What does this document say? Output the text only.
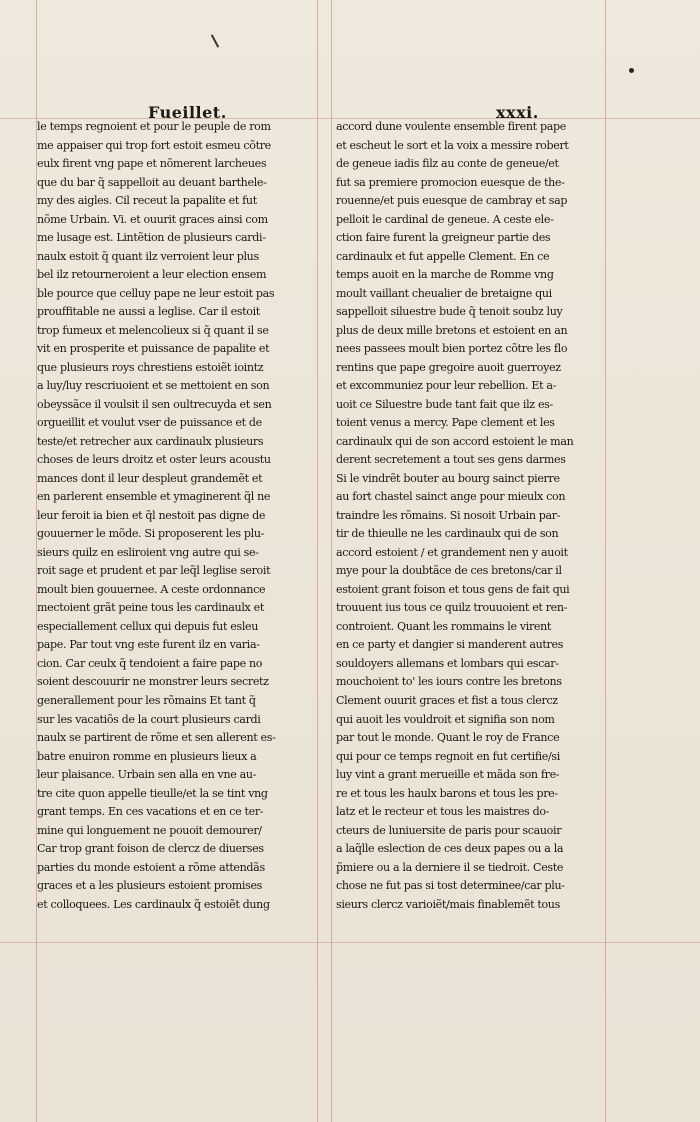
Fueillet.	xxxi.
le temps regnoient et pour le peuple de rom
me appaiser qui trop fort estoit esmeu cõtre
eulx firent vng pape et nõmerent larcheues
que du bar q̃ sappelloit au deuant barthele-
my des aigles. Cil receut la papalite et fut
nõme Urbain. Vi. et ouurit graces ainsi com
me lusage est. Lintẽtion de plusieurs cardi-
naulx estoit q̃ quant ilz verroient leur plus
bel ilz retourneroient a leur election ensem
ble pource que celluy pape ne leur estoit pas
prouffitable ne aussi a leglise. Car il estoit
trop fumeux et melencolieux si q̃ quant il se
vit en prosperite et puissance de papalite et
que plusieurs roys chrestiens estoiẽt iointz
a luy/luy rescriuoient et se mettoient en son
obeyssãce il voulsit il sen oultrecuyda et sen
orgueillit et voulut vser de puissance et de
teste/et retrecher aux cardinaulx plusieurs
choses de leurs droitz et oster leurs acoustu
mances dont il leur despleut grandemẽt et
en parlerent ensemble et ymaginerent q̃l ne
leur feroit ia bien et q̃l nestoit pas digne de
gouuerner le mõde. Si proposerent les plu-
sieurs quilz en esliroient vng autre qui se-
roit sage et prudent et par leq̃l leglise seroit
moult bien gouuernee. A ceste ordonnance
mectoient grãt peine tous les cardinaulx et
especiallement cellux qui depuis fut esleu
pape. Par tout vng este furent ilz en varia-
cion. Car ceulx q̃ tendoient a faire pape no
soient descouurir ne monstrer leurs secretz
generallement pour les rõmains Et tant q̃
sur les vacatiõs de la court plusieurs cardi
naulx se partirent de rõme et sen allerent es-
batre enuiron romme en plusieurs lieux a
leur plaisance. Urbain sen alla en vne au-
tre cite quon appelle tieulle/et la se tint vng
grant temps. En ces vacations et en ce ter-
mine qui longuement ne pouoit demourer/
Car trop grant foison de clercz de diuerses
parties du monde estoient a rõme attendãs
graces et a les plusieurs estoient promises
et colloquees. Les cardinaulx q̃ estoiẽt dung
accord dune voulente ensemble firent pape
et escheut le sort et la voix a messire robert
de geneue iadis filz au conte de geneue/et
fut sa premiere promocion euesque de the-
rouenne/et puis euesque de cambray et sap
pelloit le cardinal de geneue. A ceste ele-
ction faire furent la greigneur partie des
cardinaulx et fut appelle Clement. En ce
temps auoit en la marche de Romme vng
moult vaillant cheualier de bretaigne qui
sappelloit siluestre bude q̃ tenoit soubz luy
plus de deux mille bretons et estoient en an
nees passees moult bien portez cõtre les flo
rentins que pape gregoire auoit guerroyez
et excommuniez pour leur rebellion. Et a-
uoit ce Siluestre bude tant fait que ilz es-
toient venus a mercy. Pape clement et les
cardinaulx qui de son accord estoient le man
derent secretement a tout ses gens darmes
Si le vindrẽt bouter au bourg sainct pierre
au fort chastel sainct ange pour mieulx con
traindre les rõmains. Si nosoit Urbain par-
tir de thieulle ne les cardinaulx qui de son
accord estoient / et grandement nen y auoit
mye pour la doubtãce de ces bretons/car il
estoient grant foison et tous gens de fait qui
trouuent ius tous ce quilz trouuoient et ren-
controient. Quant les rommains le virent
en ce party et dangier si manderent autres
souldoyers allemans et lombars qui escar-
mouchoient to' les iours contre les bretons
Clement ouurit graces et fist a tous clercz
qui auoit les vouldroit et signifia son nom
par tout le monde. Quant le roy de France
qui pour ce temps regnoit en fut certifie/si
luy vint a grant merueille et mãda son fre-
re et tous les haulx barons et tous les pre-
latz et le recteur et tous les maistres do-
cteurs de luniuersite de paris pour scauoir
a laq̃lle eslection de ces deux papes ou a la
p̃miere ou a la derniere il se tiedroit. Ceste
chose ne fut pas si tost determinee/car plu-
sieurs clercz varioiẽt/mais finablemẽt tous
